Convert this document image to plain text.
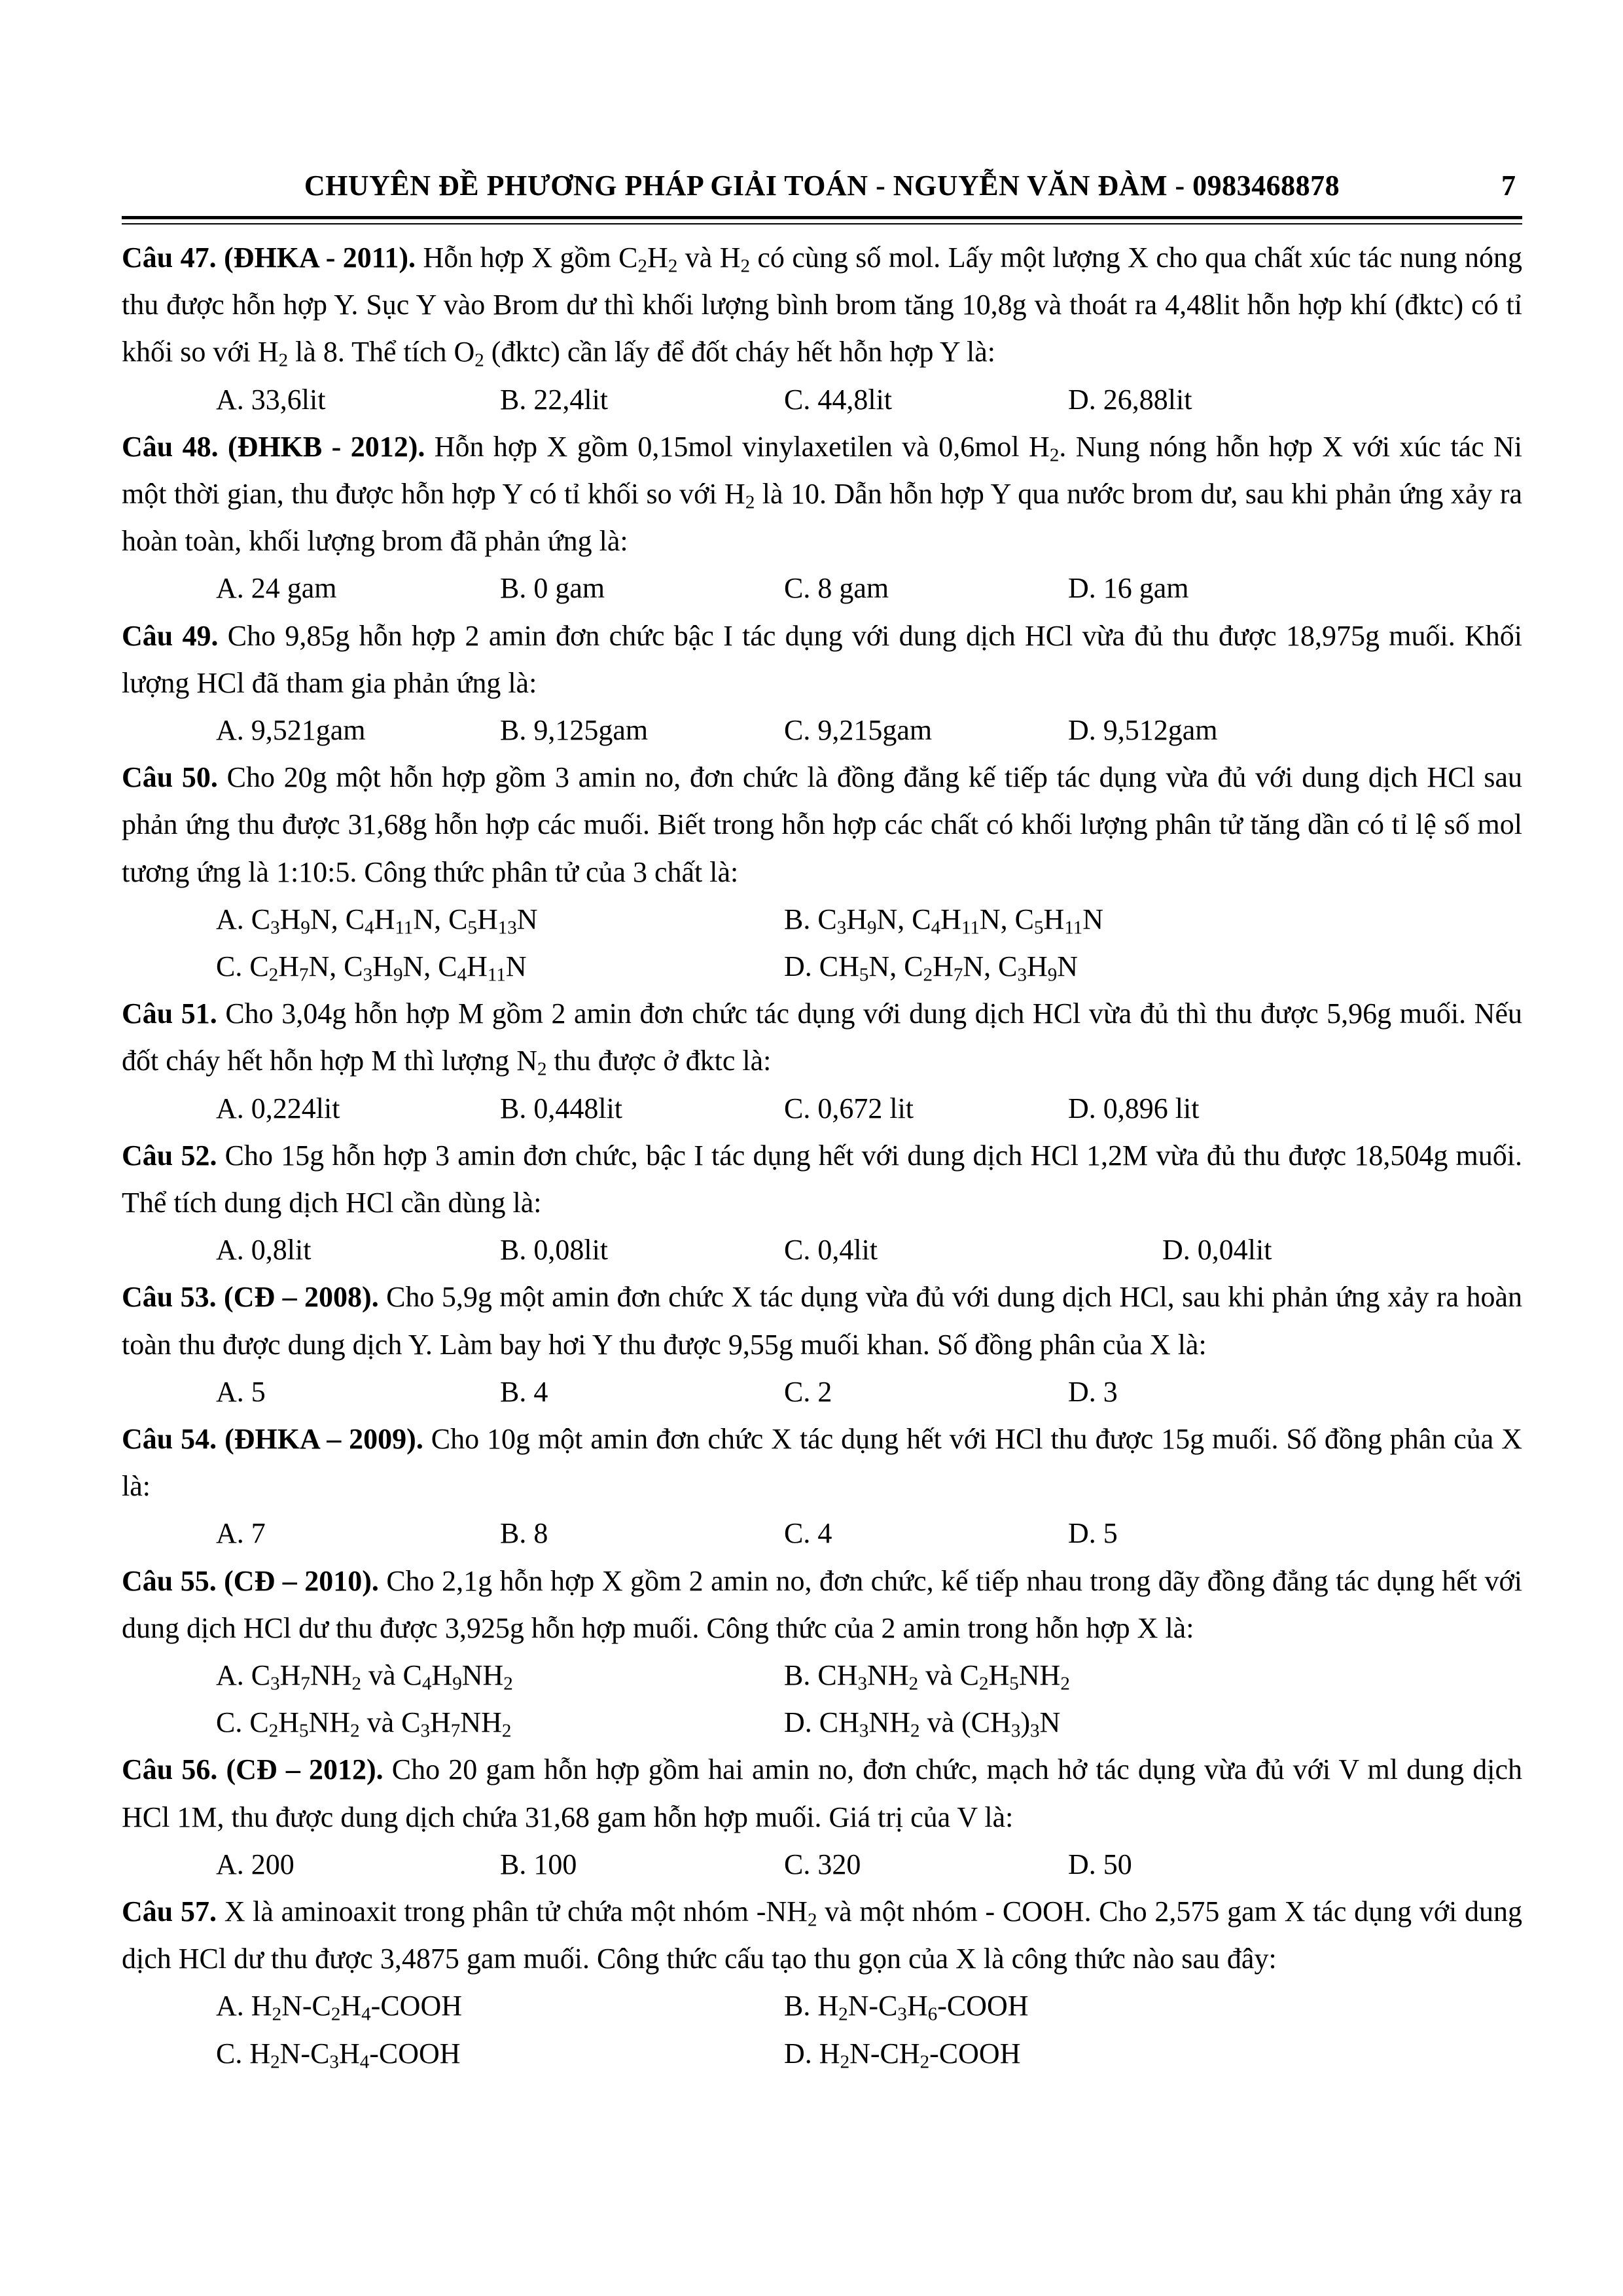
CHUYÊN ĐỀ PHƯƠNG PHÁP GIẢI TOÁN - NGUYỄN VĂN ĐÀM - 0983468878	7

Câu 47. (ĐHKA - 2011). Hỗn hợp X gồm $C_2H_2$ và $H_2$ có cùng số mol. Lấy một lượng X cho qua chất xúc tác nung nóng thu được hỗn hợp Y. Sục Y vào Brom dư thì khối lượng bình brom tăng 10,8g và thoát ra 4,48lit hỗn hợp khí (đktc) có tỉ khối so với $H_2$ là 8. Thể tích $O_2$ (đktc) cần lấy để đốt cháy hết hỗn hợp Y là:

A. 33,6lit	B. 22,4lit	C. 44,8lit	D. 26,88lit

Câu 48. (ĐHKB - 2012). Hỗn hợp X gồm 0,15mol vinylaxetilen và 0,6mol $H_2$. Nung nóng hỗn hợp X với xúc tác Ni một thời gian, thu được hỗn hợp Y có tỉ khối so với $H_2$ là 10. Dẫn hỗn hợp Y qua nước brom dư, sau khi phản ứng xảy ra hoàn toàn, khối lượng brom đã phản ứng là:

A. 24 gam	B. 0 gam	C. 8 gam	D. 16 gam

Câu 49. Cho 9,85g hỗn hợp 2 amin đơn chức bậc I tác dụng với dung dịch HCl vừa đủ thu được 18,975g muối. Khối lượng HCl đã tham gia phản ứng là:

A. 9,521gam	B. 9,125gam	C. 9,215gam	D. 9,512gam

Câu 50. Cho 20g một hỗn hợp gồm 3 amin no, đơn chức là đồng đẳng kế tiếp tác dụng vừa đủ với dung dịch HCl sau phản ứng thu được 31,68g hỗn hợp các muối. Biết trong hỗn hợp các chất có khối lượng phân tử tăng dần có tỉ lệ số mol tương ứng là 1:10:5. Công thức phân tử của 3 chất là:

A. $C_3H_9N$, $C_4H_{11}N$, $C_5H_{13}N$	B. $C_3H_9N$, $C_4H_{11}N$, $C_5H_{11}N$
C. $C_2H_7N$, $C_3H_9N$, $C_4H_{11}N$	D. $CH_5N$, $C_2H_7N$, $C_3H_9N$

Câu 51. Cho 3,04g hỗn hợp M gồm 2 amin đơn chức tác dụng với dung dịch HCl vừa đủ thì thu được 5,96g muối. Nếu đốt cháy hết hỗn hợp M thì lượng $N_2$ thu được ở đktc là:

A. 0,224lit	B. 0,448lit	C. 0,672 lit	D. 0,896 lit

Câu 52. Cho 15g hỗn hợp 3 amin đơn chức, bậc I tác dụng hết với dung dịch HCl 1,2M vừa đủ thu được 18,504g muối. Thể tích dung dịch HCl cần dùng là:

A. 0,8lit	B. 0,08lit	C. 0,4lit	D. 0,04lit

Câu 53. (CĐ – 2008). Cho 5,9g một amin đơn chức X tác dụng vừa đủ với dung dịch HCl, sau khi phản ứng xảy ra hoàn toàn thu được dung dịch Y. Làm bay hơi Y thu được 9,55g muối khan. Số đồng phân của X là:

A. 5	B. 4	C. 2	D. 3

Câu 54. (ĐHKA – 2009). Cho 10g một amin đơn chức X tác dụng hết với HCl thu được 15g muối. Số đồng phân của X là:

A. 7	B. 8	C. 4	D. 5

Câu 55. (CĐ – 2010). Cho 2,1g hỗn hợp X gồm 2 amin no, đơn chức, kế tiếp nhau trong dãy đồng đẳng tác dụng hết với dung dịch HCl dư thu được 3,925g hỗn hợp muối. Công thức của 2 amin trong hỗn hợp X là:

A. $C_3H_7NH_2$ và $C_4H_9NH_2$	B. $CH_3NH_2$ và $C_2H_5NH_2$
C. $C_2H_5NH_2$ và $C_3H_7NH_2$	D. $CH_3NH_2$ và $(CH_3)_3N$

Câu 56. (CĐ – 2012). Cho 20 gam hỗn hợp gồm hai amin no, đơn chức, mạch hở tác dụng vừa đủ với V ml dung dịch HCl 1M, thu được dung dịch chứa 31,68 gam hỗn hợp muối. Giá trị của V là:

A. 200	B. 100	C. 320	D. 50

Câu 57. X là aminoaxit trong phân tử chứa một nhóm $-NH_2$ và một nhóm - COOH. Cho 2,575 gam X tác dụng với dung dịch HCl dư thu được 3,4875 gam muối. Công thức cấu tạo thu gọn của X là công thức nào sau đây:

A. $H_2N-C_2H_4$-COOH	B. $H_2N-C_3H_6$-COOH
C. $H_2N-C_3H_4$-COOH	D. $H_2N-CH_2$-COOH
